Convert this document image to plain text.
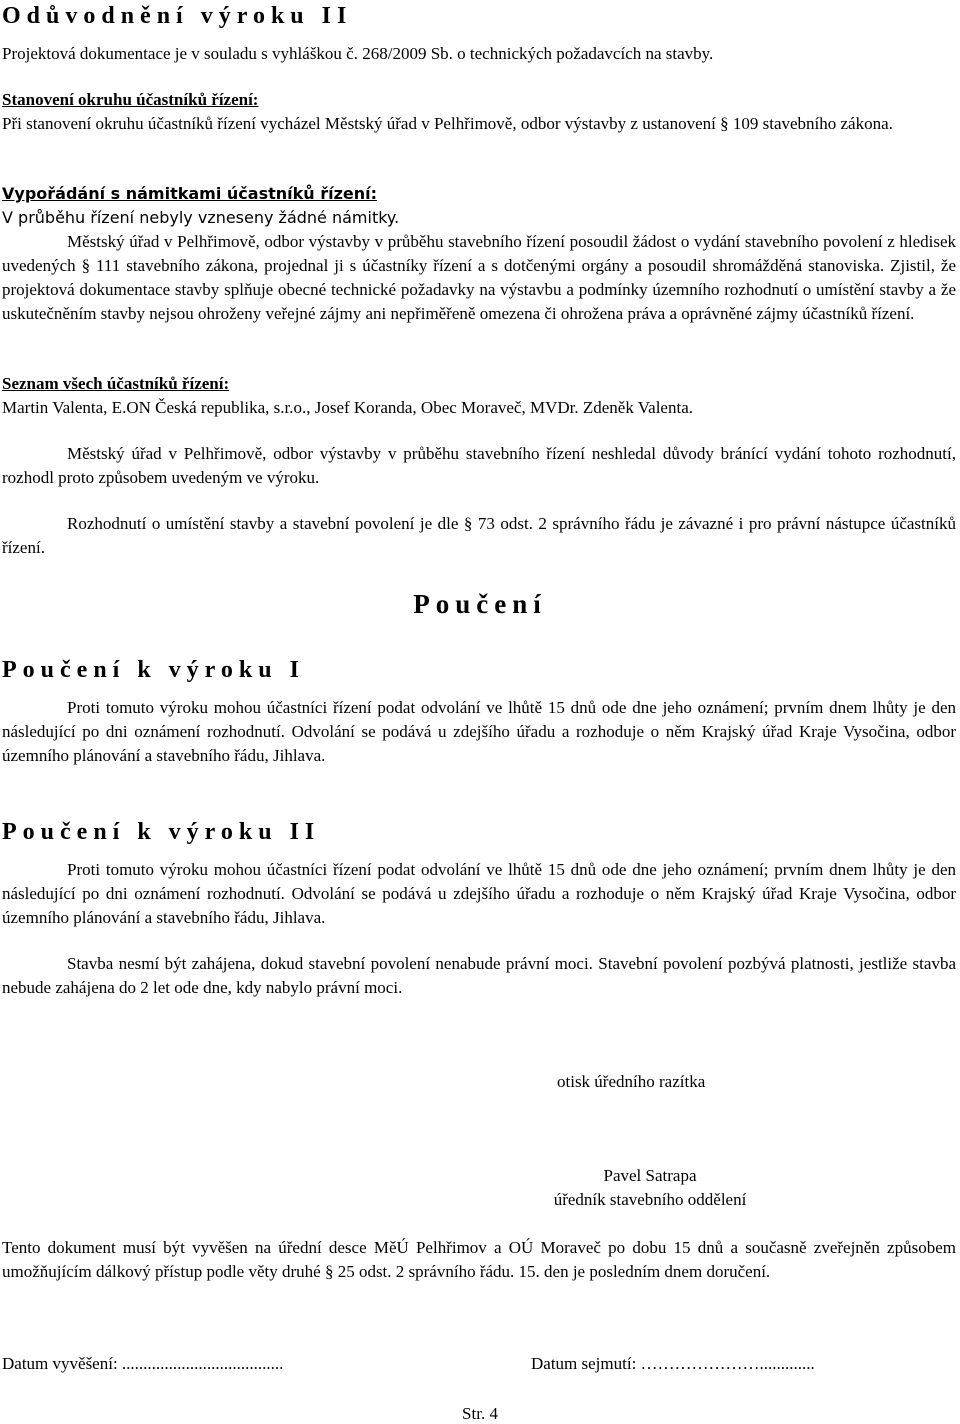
Odůvodnění výroku II

Projektová dokumentace je v souladu s vyhláškou č. 268/2009 Sb. o technických požadavcích na stavby.

Stanovení okruhu účastníků řízení:

Při stanovení okruhu účastníků řízení vycházel Městský úřad v Pelhřimově, odbor výstavby z ustanovení § 109 stavebního zákona.

Vypořádání s námitkami účastníků řízení:

V průběhu řízení nebyly vzneseny žádné námitky.

Městský úřad v Pelhřimově, odbor výstavby v průběhu stavebního řízení posoudil žádost o vydání stavebního povolení z hledisek uvedených § 111 stavebního zákona, projednal ji s účastníky řízení a s dotčenými orgány a posoudil shromážděná stanoviska. Zjistil, že projektová dokumentace stavby splňuje obecné technické požadavky na výstavbu a podmínky územního rozhodnutí o umístění stavby a že uskutečněním stavby nejsou ohroženy veřejné zájmy ani nepřiměřeně omezena či ohrožena práva a oprávněné zájmy účastníků řízení.

Seznam všech účastníků řízení:

Martin Valenta, E.ON Česká republika, s.r.o., Josef Koranda, Obec Moraveč, MVDr. Zdeněk Valenta.

Městský úřad v Pelhřimově, odbor výstavby v průběhu stavebního řízení neshledal důvody bránící vydání tohoto rozhodnutí, rozhodl proto způsobem uvedeným ve výroku.

Rozhodnutí o umístění stavby a stavební povolení je dle § 73 odst. 2 správního řádu je závazné i pro právní nástupce účastníků řízení.

Poučení
Poučení k výroku I

Proti tomuto výroku mohou účastníci řízení podat odvolání ve lhůtě 15 dnů ode dne jeho oznámení; prvním dnem lhůty je den následující po dni oznámení rozhodnutí. Odvolání se podává u zdejšího úřadu a rozhoduje o něm Krajský úřad Kraje Vysočina, odbor územního plánování a stavebního řádu, Jihlava.

Poučení k výroku II

Proti tomuto výroku mohou účastníci řízení podat odvolání ve lhůtě 15 dnů ode dne jeho oznámení; prvním dnem lhůty je den následující po dni oznámení rozhodnutí. Odvolání se podává u zdejšího úřadu a rozhoduje o něm Krajský úřad Kraje Vysočina, odbor územního plánování a stavebního řádu, Jihlava.

Stavba nesmí být zahájena, dokud stavební povolení nenabude právní moci. Stavební povolení pozbývá platnosti, jestliže stavba nebude zahájena do 2 let ode dne, kdy nabylo právní moci.

otisk úředního razítka

Pavel Satrapa

úředník stavebního oddělení

Tento dokument musí být vyvěšen na úřední desce MěÚ Pelhřimov a OÚ Moraveč po dobu 15 dnů a současně zveřejněn způsobem umožňujícím dálkový přístup podle věty druhé § 25 odst. 2 správního řádu. 15. den je posledním dnem doručení.

Datum vyvěšení: ......................................	Datum sejmutí: ………………….............

Str. 4
